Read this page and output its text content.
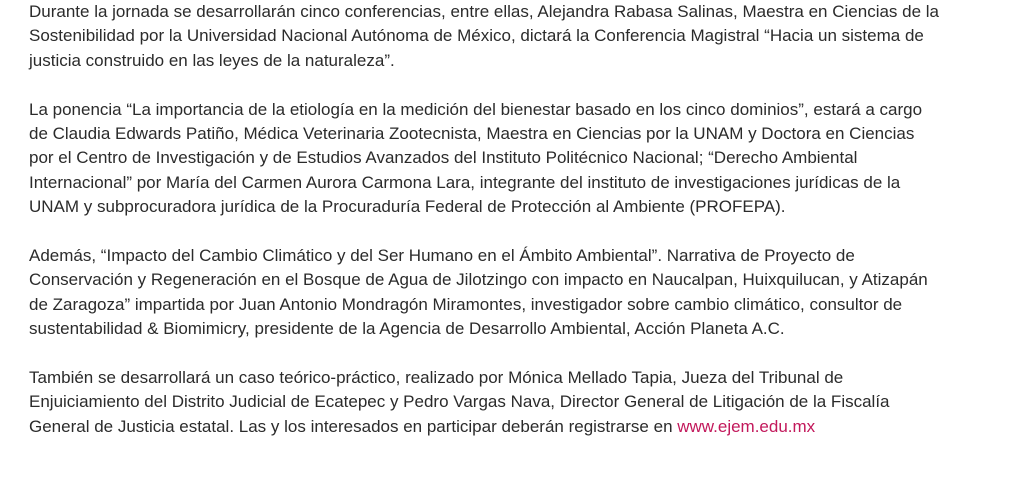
Durante la jornada se desarrollarán cinco conferencias, entre ellas, Alejandra Rabasa Salinas, Maestra en Ciencias de la
Sostenibilidad por la Universidad Nacional Autónoma de México, dictará la Conferencia Magistral “Hacia un sistema de
justicia construido en las leyes de la naturaleza”.

La ponencia “La importancia de la etiología en la medición del bienestar basado en los cinco dominios”, estará a cargo
de Claudia Edwards Patiño, Médica Veterinaria Zootecnista, Maestra en Ciencias por la UNAM y Doctora en Ciencias
por el Centro de Investigación y de Estudios Avanzados del Instituto Politécnico Nacional; “Derecho Ambiental
Internacional” por María del Carmen Aurora Carmona Lara, integrante del instituto de investigaciones jurídicas de la
UNAM y subprocuradora jurídica de la Procuraduría Federal de Protección al Ambiente (PROFEPA).

Además, “Impacto del Cambio Climático y del Ser Humano en el Ámbito Ambiental”. Narrativa de Proyecto de
Conservación y Regeneración en el Bosque de Agua de Jilotzingo con impacto en Naucalpan, Huixquilucan, y Atizapán
de Zaragoza” impartida por Juan Antonio Mondragón Miramontes, investigador sobre cambio climático, consultor de
sustentabilidad & Biomimicry, presidente de la Agencia de Desarrollo Ambiental, Acción Planeta A.C.

También se desarrollará un caso teórico-práctico, realizado por Mónica Mellado Tapia, Jueza del Tribunal de
Enjuiciamiento del Distrito Judicial de Ecatepec y Pedro Vargas Nava, Director General de Litigación de la Fiscalía
General de Justicia estatal. Las y los interesados en participar deberán registrarse en www.ejem.edu.mx
